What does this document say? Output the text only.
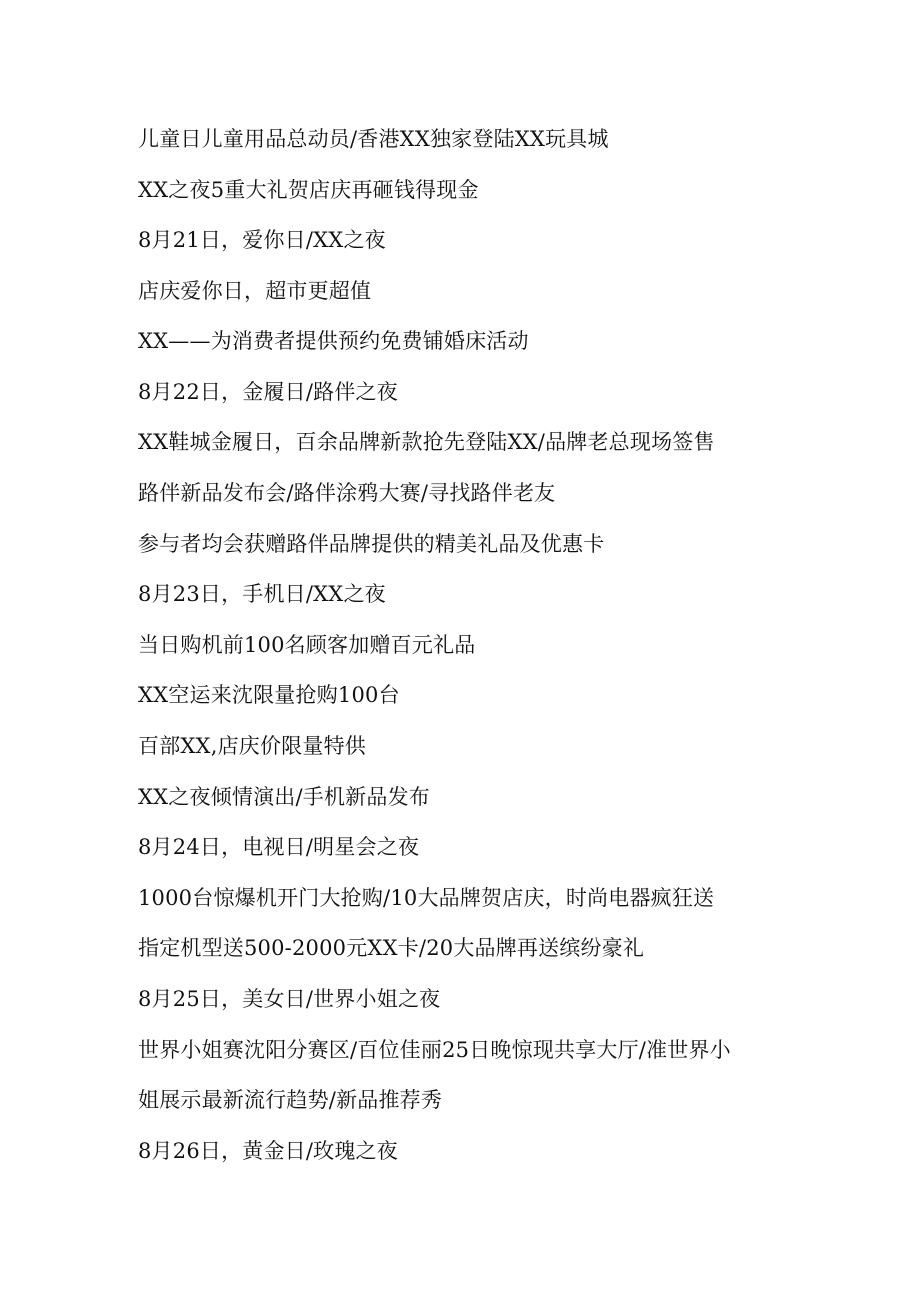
儿童日儿童用品总动员/香港XX独家登陆XX玩具城
XX之夜5重大礼贺店庆再砸钱得现金
8月21日，爱你日/XX之夜
店庆爱你日，超市更超值
XX——为消费者提供预约免费铺婚床活动
8月22日，金履日/路伴之夜
XX鞋城金履日，百余品牌新款抢先登陆XX/品牌老总现场签售
路伴新品发布会/路伴涂鸦大赛/寻找路伴老友
参与者均会获赠路伴品牌提供的精美礼品及优惠卡
8月23日，手机日/XX之夜
当日购机前100名顾客加赠百元礼品
XX空运来沈限量抢购100台
百部XX,店庆价限量特供
XX之夜倾情演出/手机新品发布
8月24日，电视日/明星会之夜
1000台惊爆机开门大抢购/10大品牌贺店庆，时尚电器疯狂送
指定机型送500-2000元XX卡/20大品牌再送缤纷豪礼
8月25日，美女日/世界小姐之夜
世界小姐赛沈阳分赛区/百位佳丽25日晚惊现共享大厅/准世界小
姐展示最新流行趋势/新品推荐秀
8月26日，黄金日/玫瑰之夜
